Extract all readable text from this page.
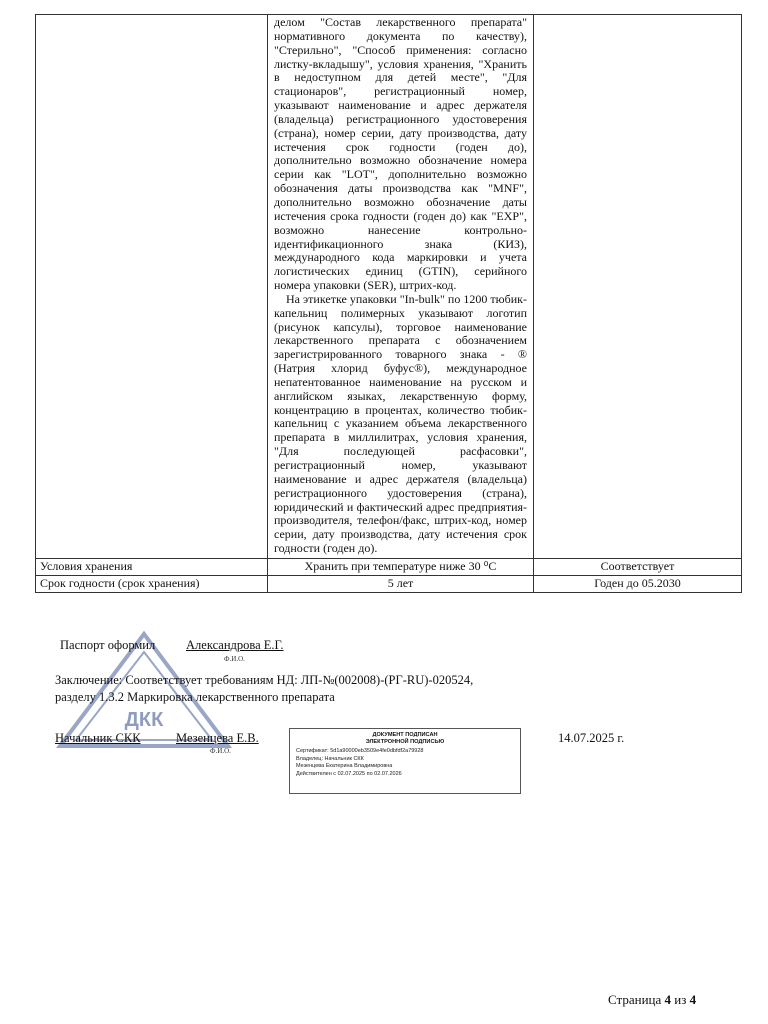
	делом "Состав лекарственного препарата" нормативного документа по качеству), "Стерильно", "Способ применения: согласно листку-вкладышу", условия хранения, "Хранить в недоступном для детей месте", "Для стационаров", регистрационный номер, указывают наименование и адрес держателя (владельца) регистрационного удостоверения (страна), номер серии, дату производства, дату истечения срок годности (годен до), дополнительно возможно обозначение номера серии как "LOT", дополнительно возможно обозначения даты производства как "MNF", дополнительно возможно обозначение даты истечения срока годности (годен до) как "EXP", возможно нанесение контрольно-идентификационного знака (КИЗ), международного кода маркировки и учета логистических единиц (GTIN), серийного номера упаковки (SER), штрих-код.

На этикетке упаковки "In-bulk" по 1200 тюбик-капельниц полимерных указывают логотип (рисунок капсулы), торговое наименование лекарственного препарата с обозначением зарегистрированного товарного знака - ® (Натрия хлорид буфус®), международное непатентованное наименование на русском и английском языках, лекарственную форму, концентрацию в процентах, количество тюбик-капельниц с указанием объема лекарственного препарата в миллилитрах, условия хранения, "Для последующей расфасовки", регистрационный номер, указывают наименование и адрес держателя (владельца) регистрационного удостоверения (страна), юридический и фактический адрес предприятия-производителя, телефон/факс, штрих-код, номер серии, дату производства, дату истечения срок годности (годен до).	

Условия хранения	Хранить при температуре ниже 30 ⁰С	Соответствует
Срок годности (срок хранения)	5 лет	Годен до 05.2030
ДКК
Паспорт оформил Александрова Е.Г.
Ф.И.О.
Заключение: Соответствует требованиям НД: ЛП-№(002008)-(РГ-RU)-020524,
разделу 1.3.2 Маркировка лекарственного препарата
Начальник СКК	Мезенцева Е.В.
Ф.И.О.
14.07.2025 г.
ДОКУМЕНТ ПОДПИСАН
ЭЛЕКТРОННОЙ ПОДПИСЬЮ
Сертификат: 5d1a90000eb3509e4fe0dbfdf2a79928
Владелец: Начальник СКК
Мезенцева Екатерина Владимировна
Действителен с 02.07.2025 по 02.07.2026
Страница 4 из 4
